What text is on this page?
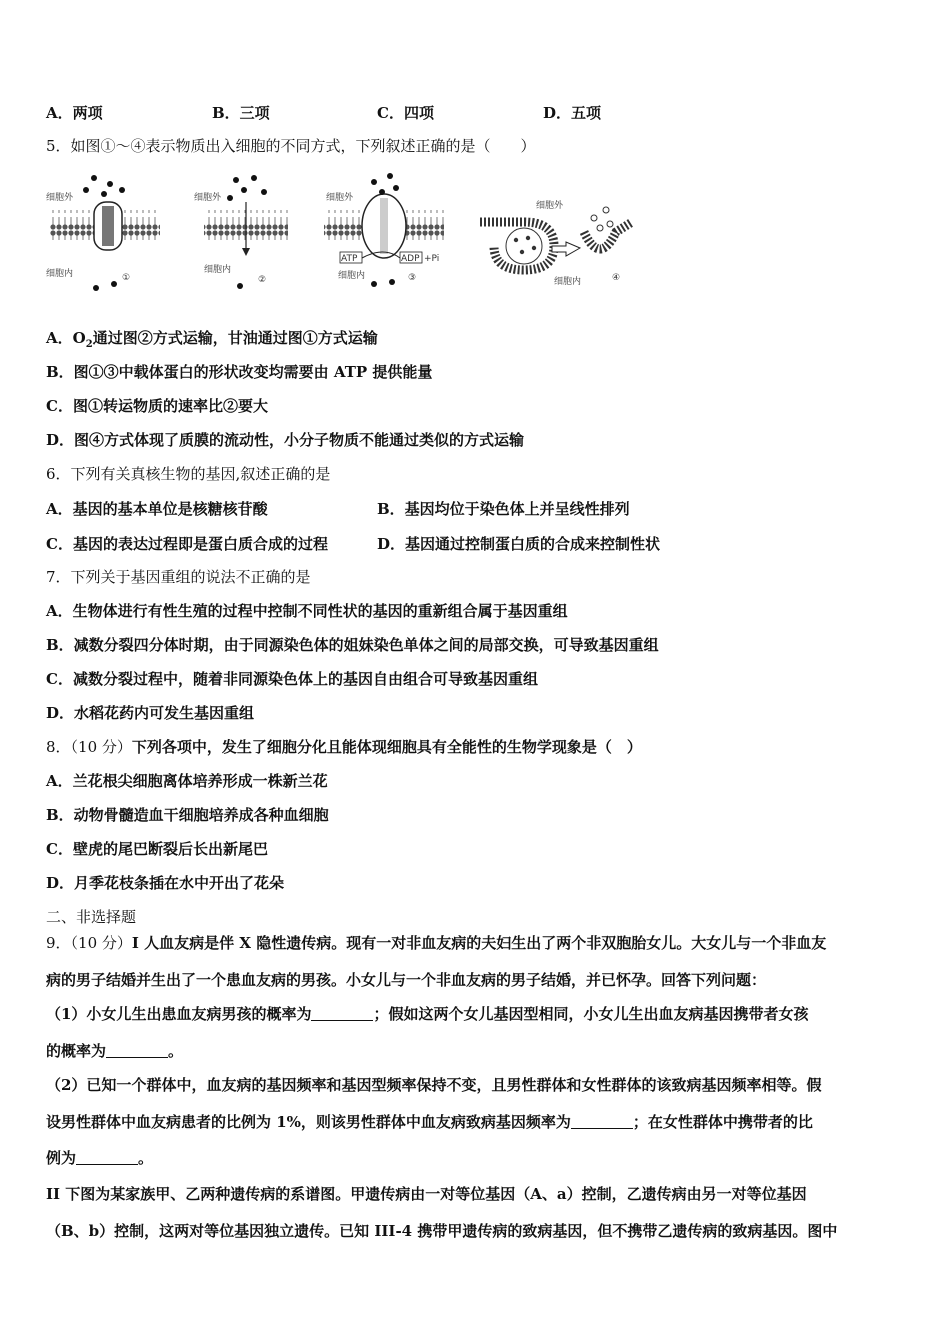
A．两项	B．三项	C．四项	D．五项
5．如图①～④表示物质出入细胞的不同方式，下列叙述正确的是（　　）
细胞外
细胞内	①
细胞外
细胞内
②
细胞外
细胞内
ATP	ADP +Pi
③
细胞外
细胞内	④
A．$O_2$通过图②方式运输，甘油通过图①方式运输
B．图①③中载体蛋白的形状改变均需要由 ATP 提供能量
C．图①转运物质的速率比②要大
D．图④方式体现了质膜的流动性，小分子物质不能通过类似的方式运输
6．下列有关真核生物的基因,叙述正确的是
A．基因的基本单位是核糖核苷酸	B．基因均位于染色体上并呈线性排列
C．基因的表达过程即是蛋白质合成的过程	D．基因通过控制蛋白质的合成来控制性状
7．下列关于基因重组的说法不正确的是
A．生物体进行有性生殖的过程中控制不同性状的基因的重新组合属于基因重组
B．减数分裂四分体时期，由于同源染色体的姐妹染色单体之间的局部交换，可导致基因重组
C．减数分裂过程中，随着非同源染色体上的基因自由组合可导致基因重组
D．水稻花药内可发生基因重组
8．（10 分）下列各项中，发生了细胞分化且能体现细胞具有全能性的生物学现象是（　）
A．兰花根尖细胞离体培养形成一株新兰花
B．动物骨髓造血干细胞培养成各种血细胞
C．壁虎的尾巴断裂后长出新尾巴
D．月季花枝条插在水中开出了花朵
二、非选择题
9．（10 分）I 人血友病是伴 X 隐性遗传病。现有一对非血友病的夫妇生出了两个非双胞胎女儿。大女儿与一个非血友
病的男子结婚并生出了一个患血友病的男孩。小女儿与一个非血友病的男子结婚，并已怀孕。回答下列问题：
（1）小女儿生出患血友病男孩的概率为	；假如这两个女儿基因型相同，小女儿生出血友病基因携带者女孩
的概率为	。
（2）已知一个群体中，血友病的基因频率和基因型频率保持不变，且男性群体和女性群体的该致病基因频率相等。假
设男性群体中血友病患者的比例为 1%，则该男性群体中血友病致病基因频率为	；在女性群体中携带者的比
例为	。
II 下图为某家族甲、乙两种遗传病的系谱图。甲遗传病由一对等位基因（A、a）控制，乙遗传病由另一对等位基因
（B、b）控制，这两对等位基因独立遗传。已知 III-4 携带甲遗传病的致病基因，但不携带乙遗传病的致病基因。图中
